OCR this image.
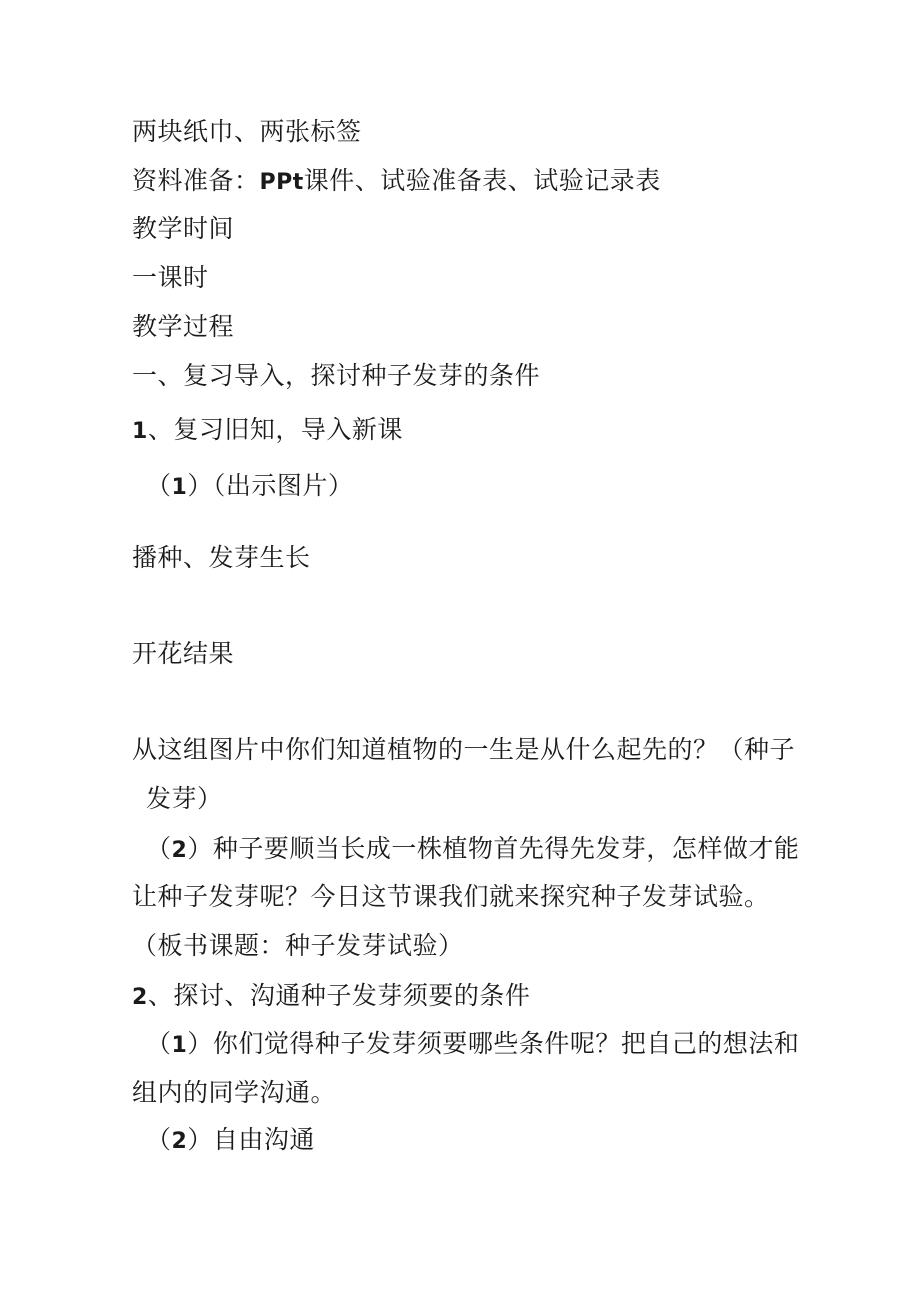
两块纸巾、两张标签
资料准备：PPt课件、试验准备表、试验记录表
教学时间
一课时
教学过程
一、复习导入，探讨种子发芽的条件
1、复习旧知，导入新课
（1）（出示图片）
播种、发芽生长
开花结果
从这组图片中你们知道植物的一生是从什么起先的？（种子
发芽）
（2）种子要顺当长成一株植物首先得先发芽，怎样做才能
让种子发芽呢？今日这节课我们就来探究种子发芽试验。
（板书课题：种子发芽试验）
2、探讨、沟通种子发芽须要的条件
（1）你们觉得种子发芽须要哪些条件呢？把自己的想法和
组内的同学沟通。
（2）自由沟通
